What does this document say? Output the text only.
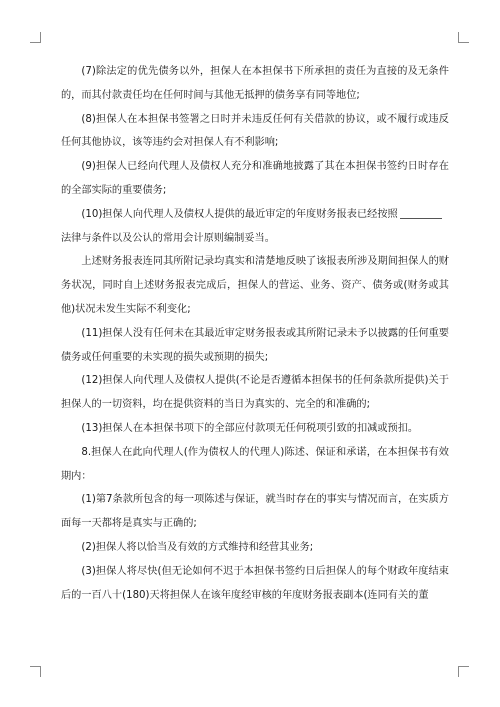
(7)除法定的优先债务以外，担保人在本担保书下所承担的责任为直接的及无条件的，而其付款责任均在任何时间与其他无抵押的债务享有同等地位;

(8)担保人在本担保书签署之日时并未违反任何有关借款的协议，或不履行或违反任何其他协议，该等违约会对担保人有不利影响;

(9)担保人已经向代理人及债权人充分和准确地披露了其在本担保书签约日时存在的全部实际的重要债务;

(10)担保人向代理人及债权人提供的最近审定的年度财务报表已经按照

法律与条件以及公认的常用会计原则编制妥当。

上述财务报表连同其所附记录均真实和清楚地反映了该报表所涉及期间担保人的财务状况，同时自上述财务报表完成后，担保人的营运、业务、资产、债务或(财务或其他)状况未发生实际不利变化;

(11)担保人没有任何未在其最近审定财务报表或其所附记录未予以披露的任何重要债务或任何重要的未实现的损失或预期的损失;

(12)担保人向代理人及债权人提供(不论是否遵循本担保书的任何条款所提供)关于担保人的一切资料，均在提供资料的当日为真实的、完全的和准确的;

(13)担保人在本担保书项下的全部应付款项无任何税项引致的扣减或预扣。

8.担保人在此向代理人(作为债权人的代理人)陈述、保证和承诺，在本担保书有效期内：

(1)第7条款所包含的每一项陈述与保证，就当时存在的事实与情况而言，在实质方面每一天都将是真实与正确的;

(2)担保人将以恰当及有效的方式维持和经营其业务;

(3)担保人将尽快(但无论如何不迟于本担保书签约日后担保人的每个财政年度结束后的一百八十(180)天将担保人在该年度经审核的年度财务报表副本(连同有关的董
